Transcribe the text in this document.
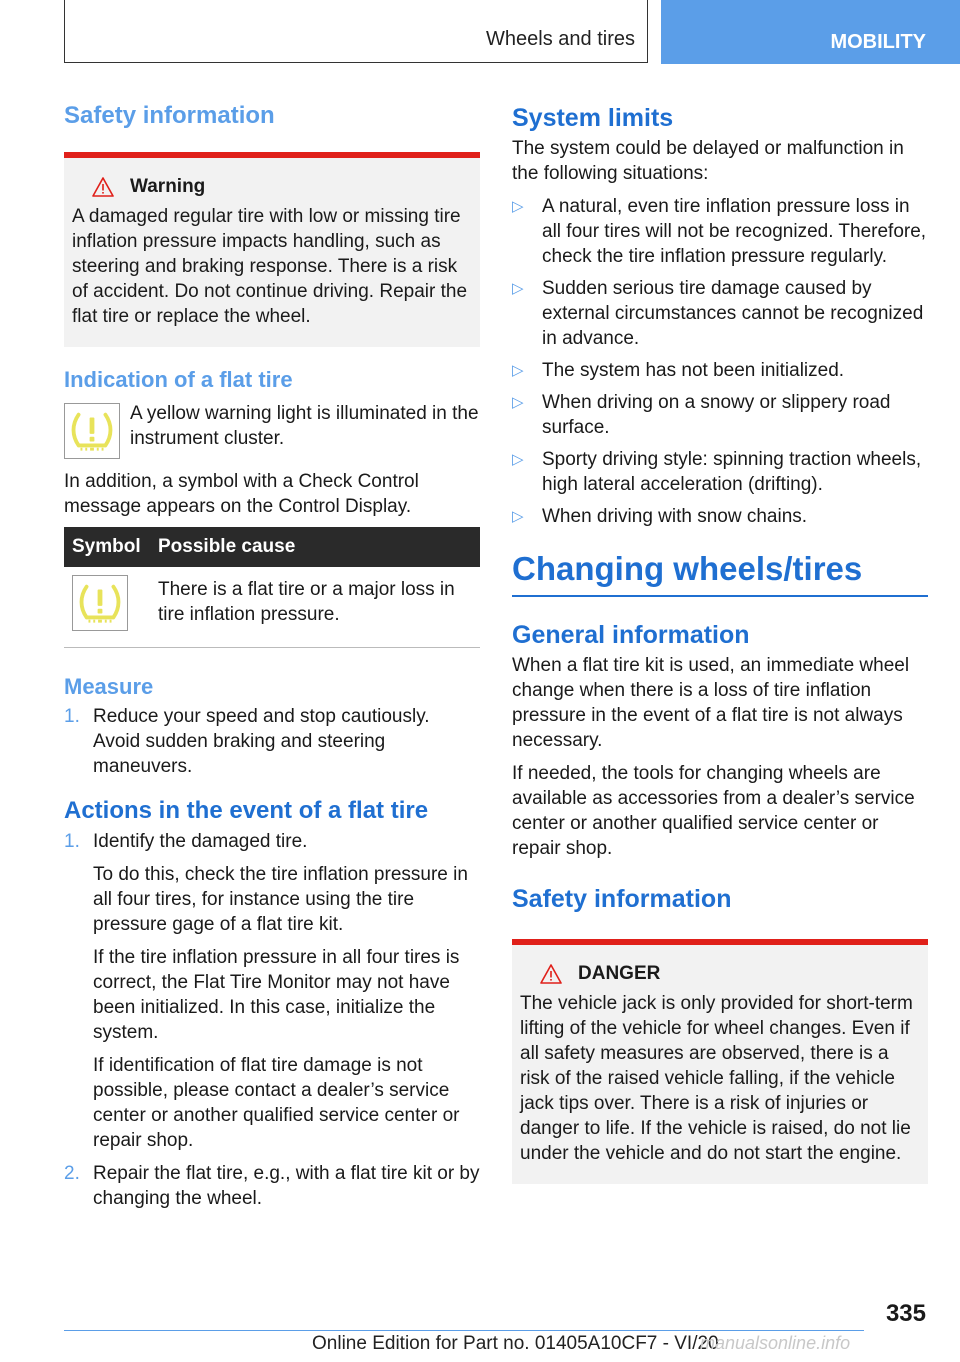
Wheels and tires	MOBILITY
Safety information
Warning

A damaged regular tire with low or missing tire inflation pressure impacts handling, such as steering and braking response. There is a risk of accident. Do not continue driving. Repair the flat tire or replace the wheel.

Indication of a flat tire

A yellow warning light is illuminated in the instrument cluster.

In addition, a symbol with a Check Control message appears on the Control Display.

Symbol	Possible cause

	There is a flat tire or a major loss in tire inflation pressure.
Measure
1. Reduce your speed and stop cautiously. Avoid sudden braking and steering maneuvers.
Actions in the event of a flat tire
1. Identify the damaged tire.

To do this, check the tire inflation pressure in all four tires, for instance using the tire pressure gage of a flat tire kit.

If the tire inflation pressure in all four tires is correct, the Flat Tire Monitor may not have been initialized. In this case, initialize the system.

If identification of flat tire damage is not possible, please contact a dealer’s service center or another qualified service center or repair shop.

2. Repair the flat tire, e.g., with a flat tire kit or by changing the wheel.
System limits

The system could be delayed or malfunction in the following situations:

▷ A natural, even tire inflation pressure loss in all four tires will not be recognized. Therefore, check the tire inflation pressure regularly.
▷ Sudden serious tire damage caused by external circumstances cannot be recognized in advance.
▷ The system has not been initialized.
▷ When driving on a snowy or slippery road surface.
▷ Sporty driving style: spinning traction wheels, high lateral acceleration (drifting).
▷ When driving with snow chains.
Changing wheels/tires
General information

When a flat tire kit is used, an immediate wheel change when there is a loss of tire inflation pressure in the event of a flat tire is not always necessary.

If needed, the tools for changing wheels are available as accessories from a dealer’s service center or another qualified service center or repair shop.

Safety information
DANGER

The vehicle jack is only provided for short-term lifting of the vehicle for wheel changes. Even if all safety measures are observed, there is a risk of the raised vehicle falling, if the vehicle jack tips over. There is a risk of injuries or danger to life. If the vehicle is raised, do not lie under the vehicle and do not start the engine.

335
Online Edition for Part no. 01405A10CF7 - VI/20
manualsonline.info
